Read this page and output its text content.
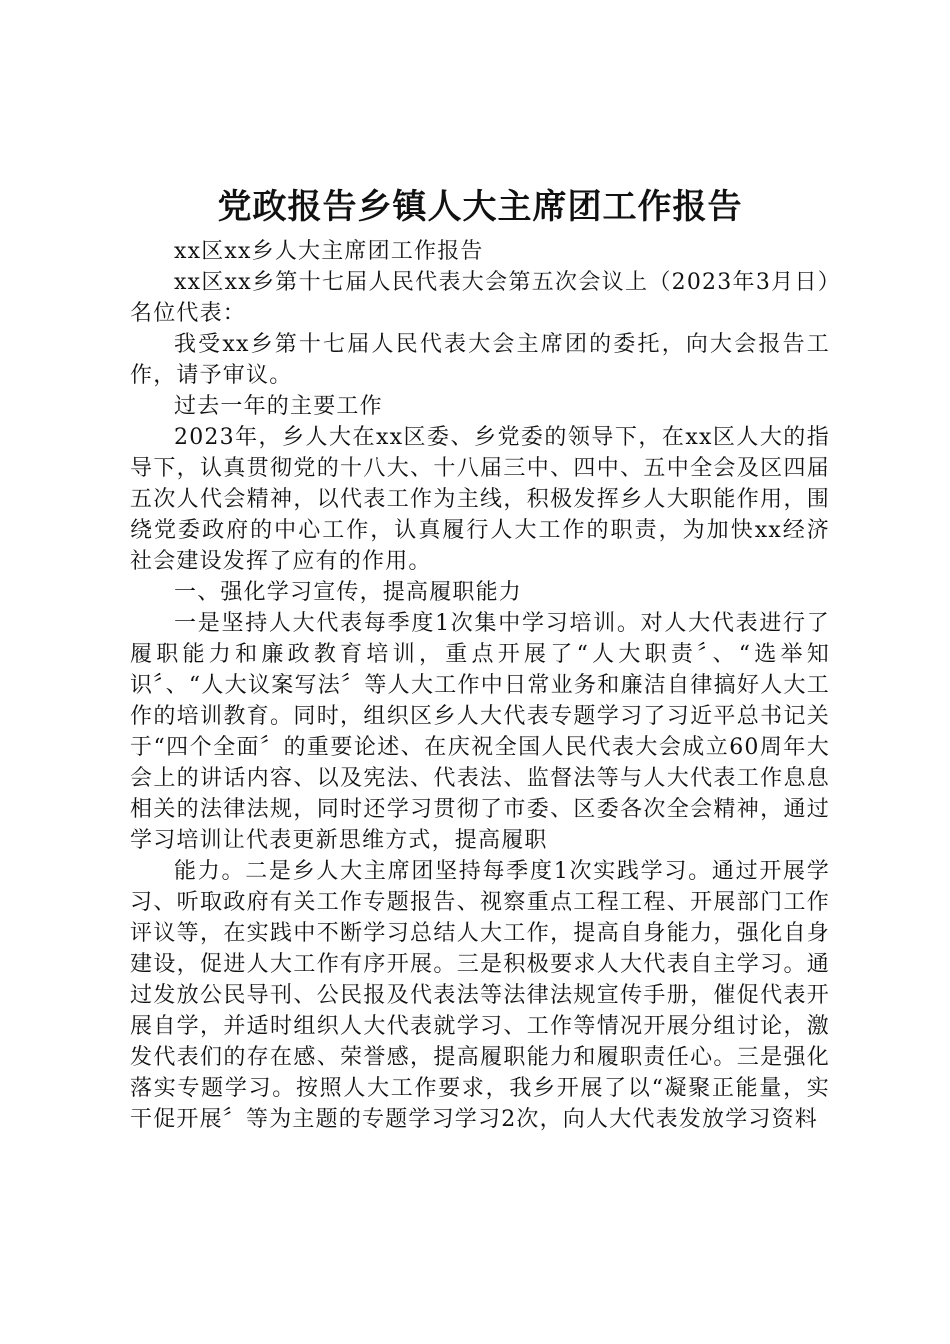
党政报告乡镇人大主席团工作报告

xx区xx乡人大主席团工作报告

xx区xx乡第十七届人民代表大会第五次会议上（2023年3月日）名位代表：

我受xx乡第十七届人民代表大会主席团的委托，向大会报告工作，请予审议。

过去一年的主要工作

2023年，乡人大在xx区委、乡党委的领导下，在xx区人大的指导下，认真贯彻党的十八大、十八届三中、四中、五中全会及区四届五次人代会精神，以代表工作为主线，积极发挥乡人大职能作用，围绕党委政府的中心工作，认真履行人大工作的职责，为加快xx经济社会建设发挥了应有的作用。

一、强化学习宣传，提高履职能力

一是坚持人大代表每季度1次集中学习培训。对人大代表进行了履职能力和廉政教育培训，重点开展了“人大职责〞、“选举知识〞、“人大议案写法〞等人大工作中日常业务和廉洁自律搞好人大工作的培训教育。同时，组织区乡人大代表专题学习了习近平总书记关于“四个全面〞的重要论述、在庆祝全国人民代表大会成立60周年大会上的讲话内容、以及宪法、代表法、监督法等与人大代表工作息息相关的法律法规，同时还学习贯彻了市委、区委各次全会精神，通过学习培训让代表更新思维方式，提高履职

能力。二是乡人大主席团坚持每季度1次实践学习。通过开展学习、听取政府有关工作专题报告、视察重点工程工程、开展部门工作评议等，在实践中不断学习总结人大工作，提高自身能力，强化自身建设，促进人大工作有序开展。三是积极要求人大代表自主学习。通过发放公民导刊、公民报及代表法等法律法规宣传手册，催促代表开展自学，并适时组织人大代表就学习、工作等情况开展分组讨论，激发代表们的存在感、荣誉感，提高履职能力和履职责任心。三是强化落实专题学习。按照人大工作要求，我乡开展了以“凝聚正能量，实干促开展〞等为主题的专题学习学习2次，向人大代表发放学习资料
